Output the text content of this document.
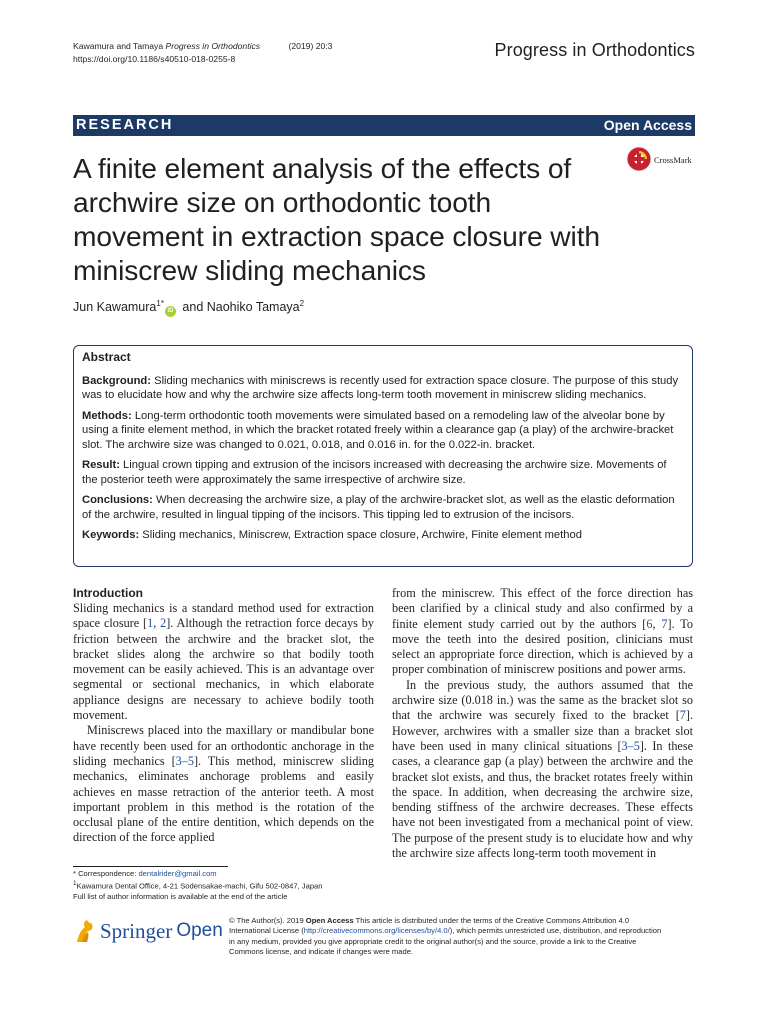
Kawamura and Tamaya Progress in Orthodontics	(2019) 20:3
https://doi.org/10.1186/s40510-018-0255-8	Progress in Orthodontics
RESEARCH	Open Access
A finite element analysis of the effects of archwire size on orthodontic tooth movement in extraction space closure with miniscrew sliding mechanics
CrossMark
Jun Kawamura$^{1*}$iD and Naohiko Tamaya$^2$
Abstract

Background: Sliding mechanics with miniscrews is recently used for extraction space closure. The purpose of this study was to elucidate how and why the archwire size affects long-term tooth movement in miniscrew sliding mechanics.

Methods: Long-term orthodontic tooth movements were simulated based on a remodeling law of the alveolar bone by using a finite element method, in which the bracket rotated freely within a clearance gap (a play) of the archwire-bracket slot. The archwire size was changed to 0.021, 0.018, and 0.016 in. for the 0.022-in. bracket.

Result: Lingual crown tipping and extrusion of the incisors increased with decreasing the archwire size. Movements of the posterior teeth were approximately the same irrespective of archwire size.

Conclusions: When decreasing the archwire size, a play of the archwire-bracket slot, as well as the elastic deformation of the archwire, resulted in lingual tipping of the incisors. This tipping led to extrusion of the incisors.

Keywords: Sliding mechanics, Miniscrew, Extraction space closure, Archwire, Finite element method

Introduction

Sliding mechanics is a standard method used for extraction space closure [1, 2]. Although the retraction force decays by friction between the archwire and the bracket slot, the bracket slides along the archwire so that bodily tooth movement can be easily achieved. This is an advantage over segmental or sectional mechanics, in which elaborate appliance designs are necessary to achieve bodily tooth movement.

Miniscrews placed into the maxillary or mandibular bone have recently been used for an orthodontic anchorage in the sliding mechanics [3–5]. This method, miniscrew sliding mechanics, eliminates anchorage problems and easily achieves en masse retraction of the anterior teeth. A most important problem in this method is the rotation of the occlusal plane of the entire dentition, which depends on the direction of the force applied

from the miniscrew. This effect of the force direction has been clarified by a clinical study and also confirmed by a finite element study carried out by the authors [6, 7]. To move the teeth into the desired position, clinicians must select an appropriate force direction, which is achieved by a proper combination of miniscrew positions and power arms.

In the previous study, the authors assumed that the archwire size (0.018 in.) was the same as the bracket slot so that the archwire was securely fixed to the bracket [7]. However, archwires with a smaller size than a bracket slot have been used in many clinical situations [3–5]. In these cases, a clearance gap (a play) between the archwire and the bracket slot exists, and thus, the bracket rotates freely within the space. In addition, when decreasing the archwire size, bending stiffness of the archwire decreases. These effects have not been investigated from a mechanical point of view. The purpose of the present study is to elucidate how and why the archwire size affects long-term tooth movement in

* Correspondence: dentalrider@gmail.com
$^1$Kawamura Dental Office, 4-21 Sodensakae-machi, Gifu 502-0847, Japan
Full list of author information is available at the end of the article
Springer Open © The Author(s). 2019 Open Access This article is distributed under the terms of the Creative Commons Attribution 4.0 International License (http://creativecommons.org/licenses/by/4.0/), which permits unrestricted use, distribution, and reproduction in any medium, provided you give appropriate credit to the original author(s) and the source, provide a link to the Creative Commons license, and indicate if changes were made.
